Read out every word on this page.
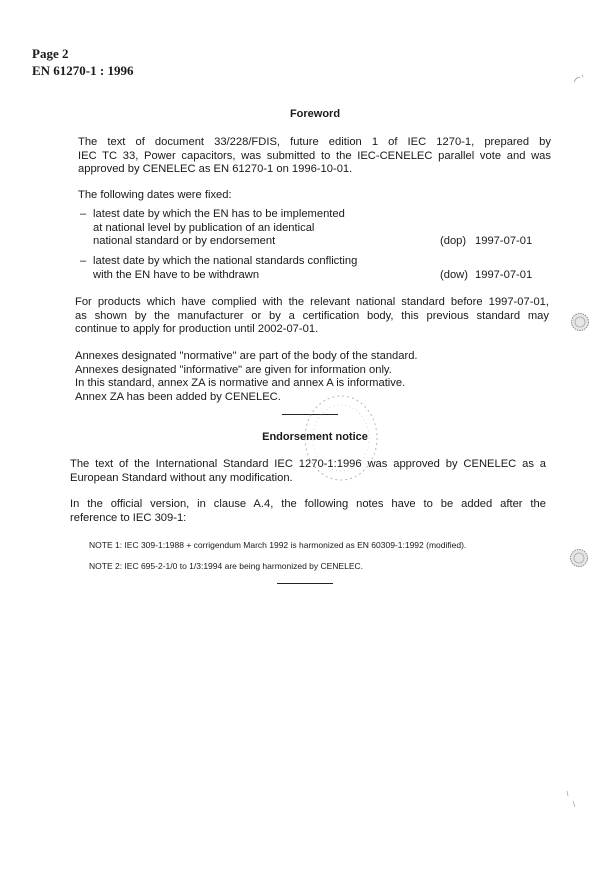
Page 2
EN 61270-1 : 1996
Foreword
The text of document 33/228/FDIS, future edition 1 of IEC 1270-1, prepared by
IEC TC 33, Power capacitors, was submitted to the IEC-CENELEC parallel vote and was
approved by CENELEC as EN 61270-1 on 1996-10-01.
The following dates were fixed:
– latest date by which the EN has to be implemented
at national level by publication of an identical
national standard or by endorsement	(dop) 1997-07-01
– latest date by which the national standards conflicting
with the EN have to be withdrawn	(dow) 1997-07-01
For products which have complied with the relevant national standard before 1997-07-01,
as shown by the manufacturer or by a certification body, this previous standard may
continue to apply for production until 2002-07-01.
Annexes designated "normative" are part of the body of the standard.
Annexes designated "informative" are given for information only.
In this standard, annex ZA is normative and annex A is informative.
Annex ZA has been added by CENELEC.
Endorsement notice
The text of the International Standard IEC 1270-1:1996 was approved by CENELEC as a
European Standard without any modification.
In the official version, in clause A.4, the following notes have to be added after the
reference to IEC 309-1:
NOTE 1: IEC 309-1:1988 + corrigendum March 1992 is harmonized as EN 60309-1:1992 (modified).
NOTE 2: IEC 695-2-1/0 to 1/3:1994 are being harmonized by CENELEC.
